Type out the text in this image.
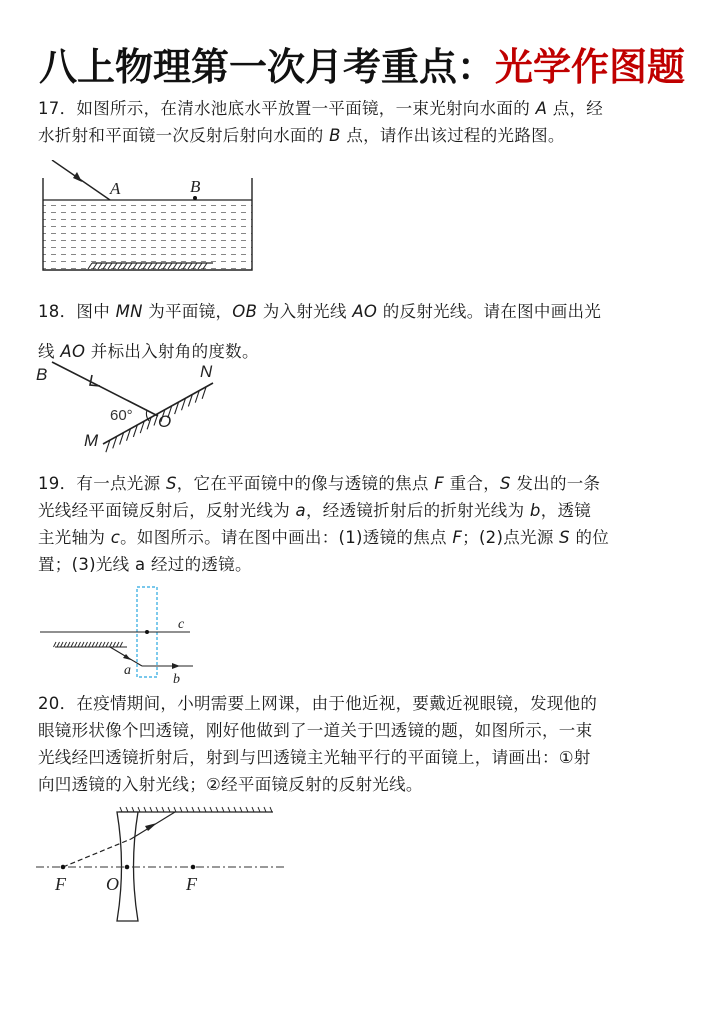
八上物理第一次月考重点：光学作图题
17．如图所示，在清水池底水平放置一平面镜，一束光射向水面的 A 点，经
水折射和平面镜一次反射后射向水面的 B 点，请作出该过程的光路图。
18．图中 MN 为平面镜，OB 为入射光线 AO 的反射光线。请在图中画出光
线 AO 并标出入射角的度数。
19．有一点光源 S，它在平面镜中的像与透镜的焦点 F 重合，S 发出的一条
光线经平面镜反射后，反射光线为 a，经透镜折射后的折射光线为 b，透镜
主光轴为 c。如图所示。请在图中画出：(1)透镜的焦点 F；(2)点光源 S 的位
置；(3)光线 a 经过的透镜。
20．在疫情期间，小明需要上网课，由于他近视，要戴近视眼镜，发现他的
眼镜形状像个凹透镜，刚好他做到了一道关于凹透镜的题，如图所示，一束
光线经凹透镜折射后，射到与凹透镜主光轴平行的平面镜上，请画出：①射
向凹透镜的入射光线；②经平面镜反射的反射光线。
A	B
B	N
M
O
60°
c
a
b
F O	F
